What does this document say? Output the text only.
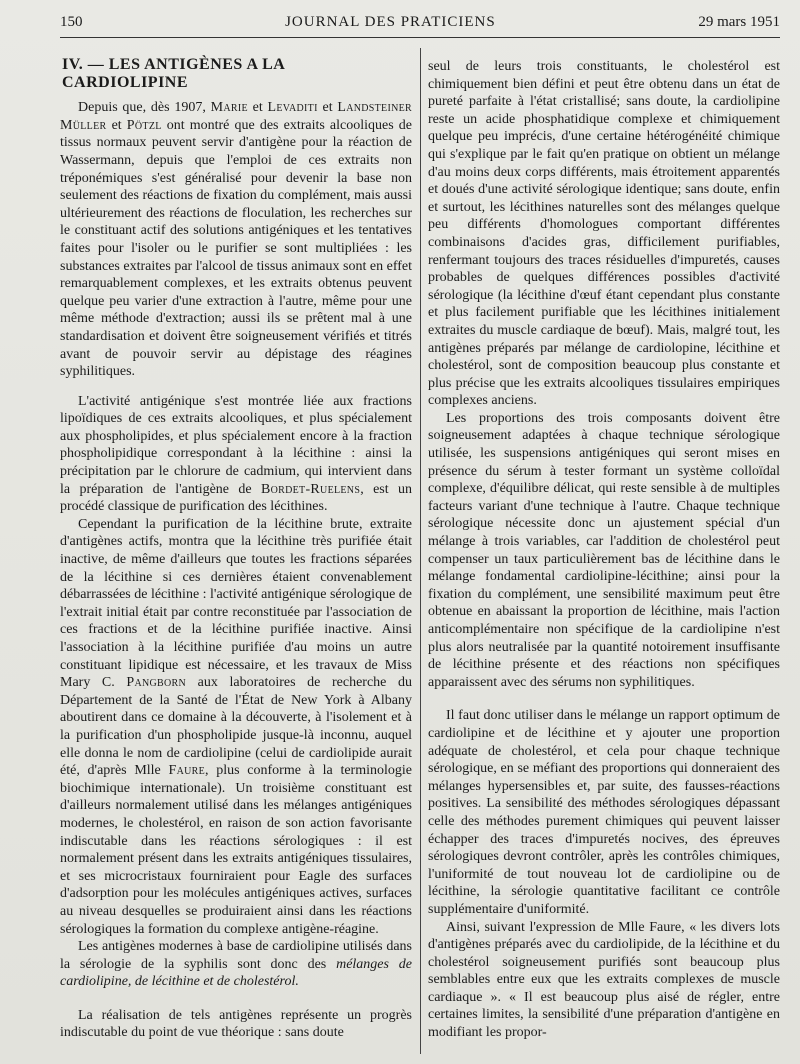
150	JOURNAL DES PRATICIENS	29 mars 1951
IV. — LES ANTIGÈNES A LA CARDIOLIPINE

Depuis que, dès 1907, Marie et Levaditi et Landsteiner Müller et Pötzl ont montré que des extraits alcooliques de tissus normaux peuvent servir d'antigène pour la réaction de Wassermann, depuis que l'emploi de ces extraits non tréponémiques s'est généralisé pour devenir la base non seulement des réactions de fixation du complément, mais aussi ultérieurement des réactions de floculation, les recherches sur le constituant actif des solutions antigéniques et les tentatives faites pour l'isoler ou le purifier se sont multipliées : les substances extraites par l'alcool de tissus animaux sont en effet remarquablement complexes, et les extraits obtenus peuvent quelque peu varier d'une extraction à l'autre, même pour une même méthode d'extraction; aussi ils se prêtent mal à une standardisation et doivent être soigneusement vérifiés et titrés avant de pouvoir servir au dépistage des réagines syphilitiques.

L'activité antigénique s'est montrée liée aux fractions lipoïdiques de ces extraits alcooliques, et plus spécialement aux phospholipides, et plus spécialement encore à la fraction phospholipidique correspondant à la lécithine : ainsi la précipitation par le chlorure de cadmium, qui intervient dans la préparation de l'antigène de Bordet-Ruelens, est un procédé classique de purification des lécithines.

Cependant la purification de la lécithine brute, extraite d'antigènes actifs, montra que la lécithine très purifiée était inactive, de même d'ailleurs que toutes les fractions séparées de la lécithine si ces dernières étaient convenablement débarrassées de lécithine : l'activité antigénique sérologique de l'extrait initial était par contre reconstituée par l'association de ces fractions et de la lécithine purifiée inactive. Ainsi l'association à la lécithine purifiée d'au moins un autre constituant lipidique est nécessaire, et les travaux de Miss Mary C. Pangborn aux laboratoires de recherche du Département de la Santé de l'État de New York à Albany aboutirent dans ce domaine à la découverte, à l'isolement et à la purification d'un phospholipide jusque-là inconnu, auquel elle donna le nom de cardiolipine (celui de cardiolipide aurait été, d'après Mlle Faure, plus conforme à la terminologie biochimique internationale). Un troisième constituant est d'ailleurs normalement utilisé dans les mélanges antigéniques modernes, le cholestérol, en raison de son action favorisante indiscutable dans les réactions sérologiques : il est normalement présent dans les extraits antigéniques tissulaires, et ses microcristaux fourniraient pour Eagle des surfaces d'adsorption pour les molécules antigéniques actives, surfaces au niveau desquelles se produiraient ainsi dans les réactions sérologiques la formation du complexe antigène-réagine.

Les antigènes modernes à base de cardiolipine utilisés dans la sérologie de la syphilis sont donc des mélanges de cardiolipine, de lécithine et de cholestérol.

La réalisation de tels antigènes représente un progrès indiscutable du point de vue théorique : sans doute

seul de leurs trois constituants, le cholestérol est chimiquement bien défini et peut être obtenu dans un état de pureté parfaite à l'état cristallisé; sans doute, la cardiolipine reste un acide phosphatidique complexe et chimiquement quelque peu imprécis, d'une certaine hétérogénéité chimique qui s'explique par le fait qu'en pratique on obtient un mélange d'au moins deux corps différents, mais étroitement apparentés et doués d'une activité sérologique identique; sans doute, enfin et surtout, les lécithines naturelles sont des mélanges quelque peu différents d'homologues comportant différentes combinaisons d'acides gras, difficilement purifiables, renfermant toujours des traces résiduelles d'impuretés, causes probables de quelques différences possibles d'activité sérologique (la lécithine d'œuf étant cependant plus constante et plus facilement purifiable que les lécithines initialement extraites du muscle cardiaque de bœuf). Mais, malgré tout, les antigènes préparés par mélange de cardiolopine, lécithine et cholestérol, sont de composition beaucoup plus constante et plus précise que les extraits alcooliques tissulaires empiriques complexes anciens.

Les proportions des trois composants doivent être soigneusement adaptées à chaque technique sérologique utilisée, les suspensions antigéniques qui seront mises en présence du sérum à tester formant un système colloïdal complexe, d'équilibre délicat, qui reste sensible à de multiples facteurs variant d'une technique à l'autre. Chaque technique sérologique nécessite donc un ajustement spécial d'un mélange à trois variables, car l'addition de cholestérol peut compenser un taux particulièrement bas de lécithine dans le mélange fondamental cardiolipine-lécithine; ainsi pour la fixation du complément, une sensibilité maximum peut être obtenue en abaissant la proportion de lécithine, mais l'action anticomplémentaire non spécifique de la cardiolipine n'est plus alors neutralisée par la quantité notoirement insuffisante de lécithine présente et des réactions non spécifiques apparaissent avec des sérums non syphilitiques.

Il faut donc utiliser dans le mélange un rapport optimum de cardiolipine et de lécithine et y ajouter une proportion adéquate de cholestérol, et cela pour chaque technique sérologique, en se méfiant des proportions qui donneraient des mélanges hypersensibles et, par suite, des fausses-réactions positives. La sensibilité des méthodes sérologiques dépassant celle des méthodes purement chimiques qui peuvent laisser échapper des traces d'impuretés nocives, des épreuves sérologiques devront contrôler, après les contrôles chimiques, l'uniformité de tout nouveau lot de cardiolipine ou de lécithine, la sérologie quantitative facilitant ce contrôle supplémentaire d'uniformité.

Ainsi, suivant l'expression de Mlle Faure, « les divers lots d'antigènes préparés avec du cardiolipide, de la lécithine et du cholestérol soigneusement purifiés sont beaucoup plus semblables entre eux que les extraits complexes de muscle cardiaque ». « Il est beaucoup plus aisé de régler, entre certaines limites, la sensibilité d'une préparation d'antigène en modifiant les propor-
